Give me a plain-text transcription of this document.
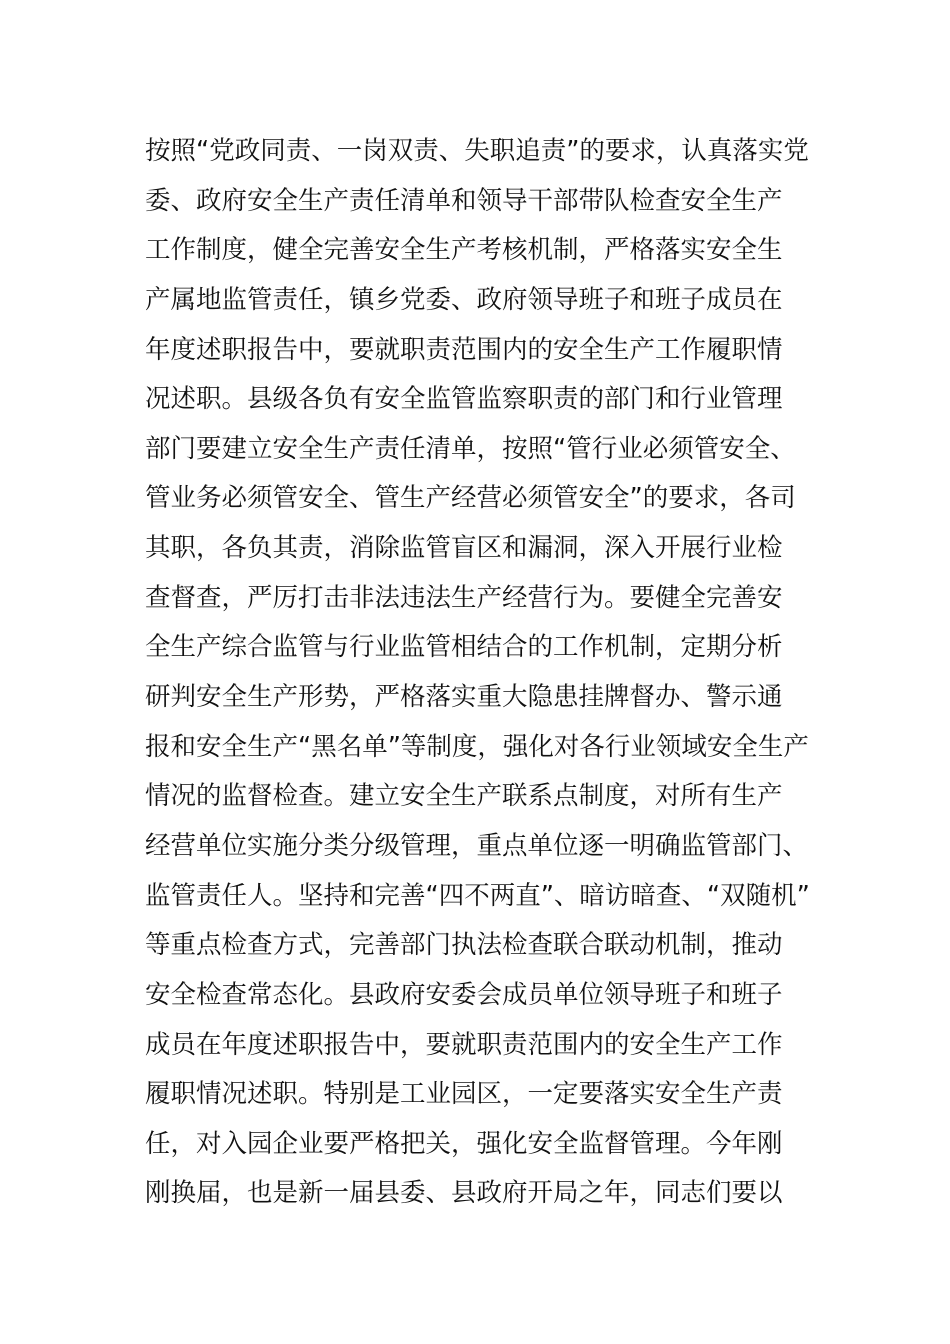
按照“党政同责、一岗双责、失职追责”的要求，认真落实党
委、政府安全生产责任清单和领导干部带队检查安全生产
工作制度，健全完善安全生产考核机制，严格落实安全生
产属地监管责任，镇乡党委、政府领导班子和班子成员在
年度述职报告中，要就职责范围内的安全生产工作履职情
况述职。县级各负有安全监管监察职责的部门和行业管理
部门要建立安全生产责任清单，按照“管行业必须管安全、
管业务必须管安全、管生产经营必须管安全”的要求，各司
其职，各负其责，消除监管盲区和漏洞，深入开展行业检
查督查，严厉打击非法违法生产经营行为。要健全完善安
全生产综合监管与行业监管相结合的工作机制，定期分析
研判安全生产形势，严格落实重大隐患挂牌督办、警示通
报和安全生产“黑名单”等制度，强化对各行业领域安全生产
情况的监督检查。建立安全生产联系点制度，对所有生产
经营单位实施分类分级管理，重点单位逐一明确监管部门、
监管责任人。坚持和完善“四不两直”、暗访暗查、“双随机”
等重点检查方式，完善部门执法检查联合联动机制，推动
安全检查常态化。县政府安委会成员单位领导班子和班子
成员在年度述职报告中，要就职责范围内的安全生产工作
履职情况述职。特别是工业园区，一定要落实安全生产责
任，对入园企业要严格把关，强化安全监督管理。今年刚
刚换届，也是新一届县委、县政府开局之年，同志们要以
